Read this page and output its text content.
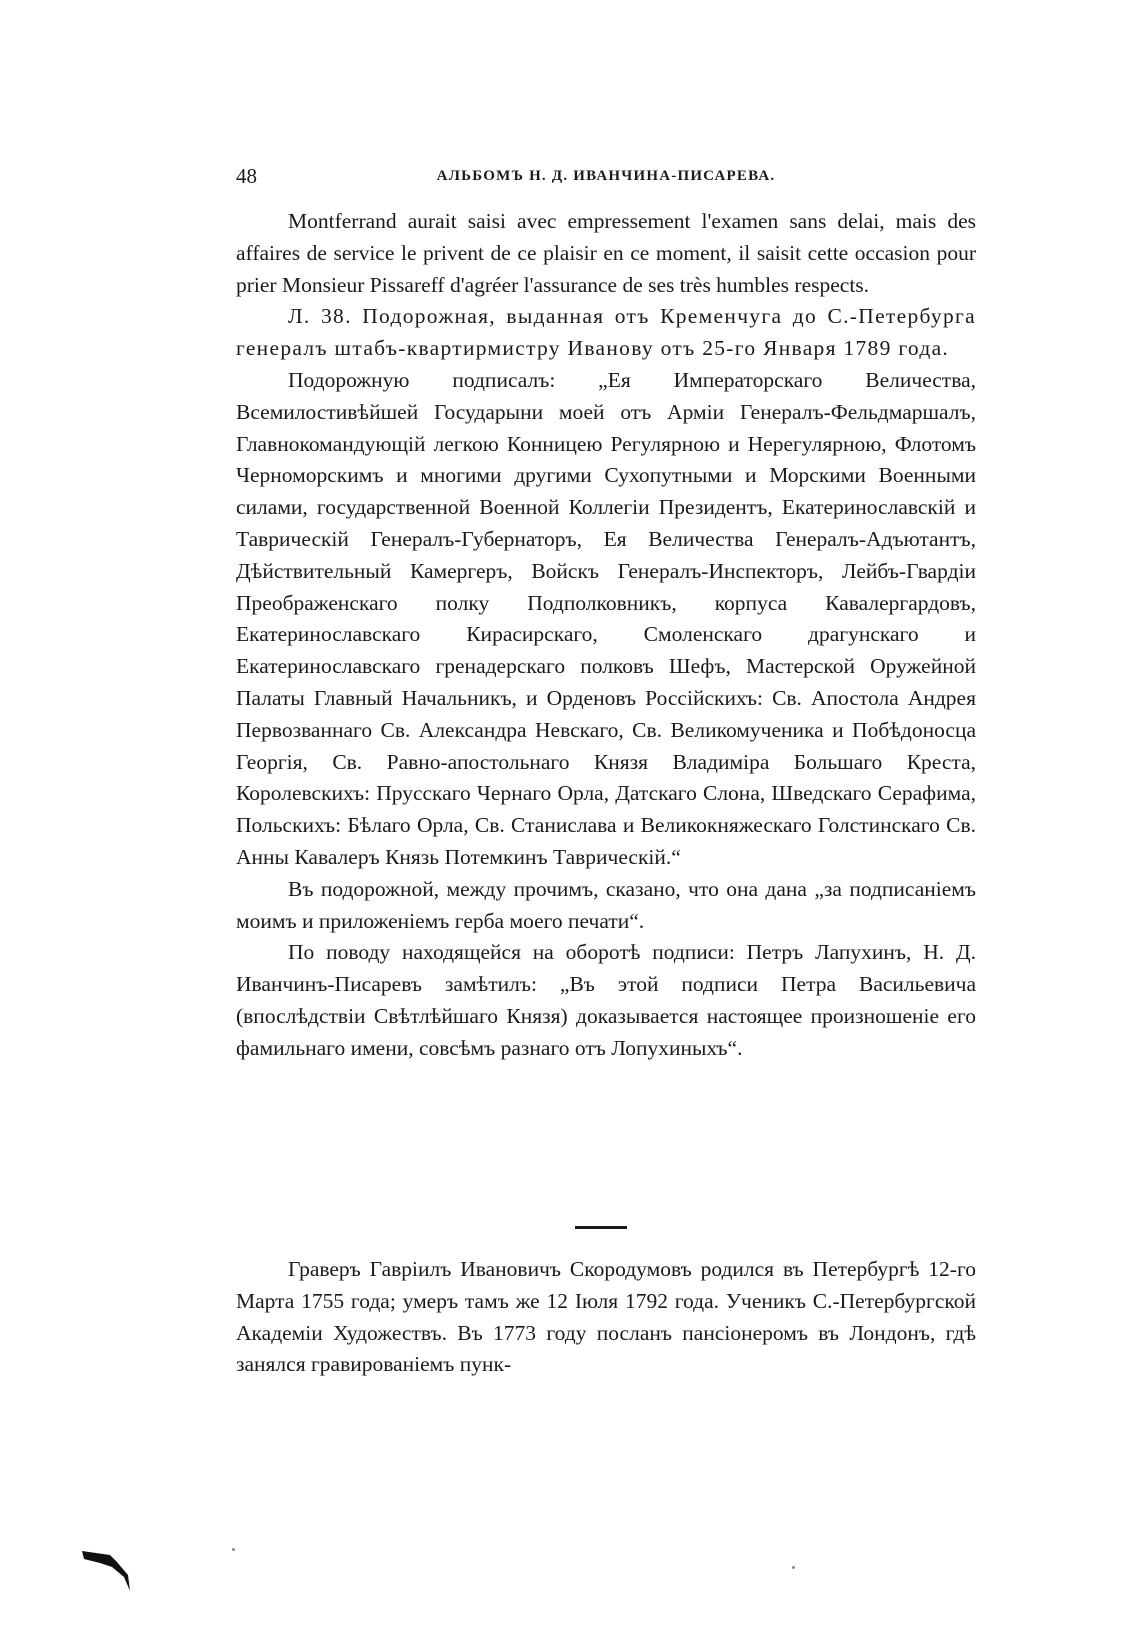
48	АЛЬБОМЪ Н. Д. ИВАНЧИНА-ПИСАРЕВА.

Montferrand aurait saisi avec empressement l'examen sans delai, mais des affaires de service le privent de ce plaisir en ce moment, il saisit cette occasion pour prier Monsieur Pissareff d'agréer l'assurance de ses très humbles respects.

Л. 38. Подорожная, выданная отъ Кременчуга до С.-Петербурга генералъ штабъ-квартирмистру Иванову отъ 25-го Января 1789 года.

Подорожную подписалъ: „Ея Императорскаго Величества, Всемилостивѣйшей Государыни моей отъ Арміи Генералъ-Фельдмаршалъ, Главнокомандующій легкою Конницею Регулярною и Нерегулярною, Флотомъ Черноморскимъ и многими другими Сухопутными и Морскими Военными силами, государственной Военной Коллегіи Президентъ, Екатеринославскій и Таврическій Генералъ-Губернаторъ, Ея Величества Генералъ-Адъютантъ, Дѣйствительный Камергеръ, Войскъ Генералъ-Инспекторъ, Лейбъ-Гвардіи Преображенскаго полку Подполковникъ, корпуса Кавалергардовъ, Екатеринославскаго Кирасирскаго, Смоленскаго драгунскаго и Екатеринославскаго гренадерскаго полковъ Шефъ, Мастерской Оружейной Палаты Главный Начальникъ, и Орденовъ Россійскихъ: Св. Апостола Андрея Первозваннаго Св. Александра Невскаго, Св. Великомученика и Побѣдоносца Георгія, Св. Равно-апостольнаго Князя Владиміра Большаго Креста, Королевскихъ: Прусскаго Чернаго Орла, Датскаго Слона, Шведскаго Серафима, Польскихъ: Бѣлаго Орла, Св. Станислава и Великокняжескаго Голстинскаго Св. Анны Кавалеръ Князь Потемкинъ Таврическій.“

Въ подорожной, между прочимъ, сказано, что она дана „за подписаніемъ моимъ и приложеніемъ герба моего печати“.

По поводу находящейся на оборотѣ подписи: Петръ Лапухинъ, Н. Д. Иванчинъ-Писаревъ замѣтилъ: „Въ этой подписи Петра Васильевича (впослѣдствіи Свѣтлѣйшаго Князя) доказывается настоящее произношеніе его фамильнаго имени, совсѣмъ разнаго отъ Лопухиныхъ“.

Граверъ Гавріилъ Ивановичъ Скородумовъ родился въ Петербургѣ 12-го Марта 1755 года; умеръ тамъ же 12 Іюля 1792 года. Ученикъ С.-Петербургской Академіи Художествъ. Въ 1773 году посланъ пансіонеромъ въ Лондонъ, гдѣ занялся гравированіемъ пунк-
